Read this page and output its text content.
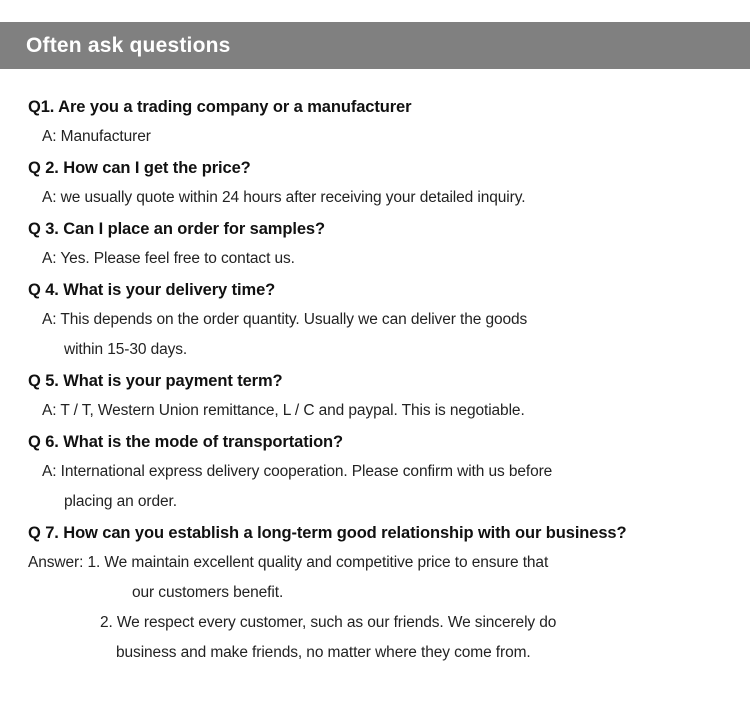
Often ask questions
Q1. Are you a trading company or a manufacturer
A: Manufacturer
Q 2. How can I get the price?
A: we usually quote within 24 hours after receiving your detailed inquiry.
Q 3. Can I place an order for samples?
A: Yes. Please feel free to contact us.
Q 4. What is your delivery time?
A: This depends on the order quantity. Usually we can deliver the goods
within 15-30 days.
Q 5. What is your payment term?
A: T / T, Western Union remittance, L / C and paypal. This is negotiable.
Q 6. What is the mode of transportation?
A: International express delivery cooperation. Please confirm with us before
placing an order.
Q 7. How can you establish a long-term good relationship with our business?
Answer: 1. We maintain excellent quality and competitive price to ensure that
our customers benefit.
2. We respect every customer, such as our friends. We sincerely do
business and make friends, no matter where they come from.
